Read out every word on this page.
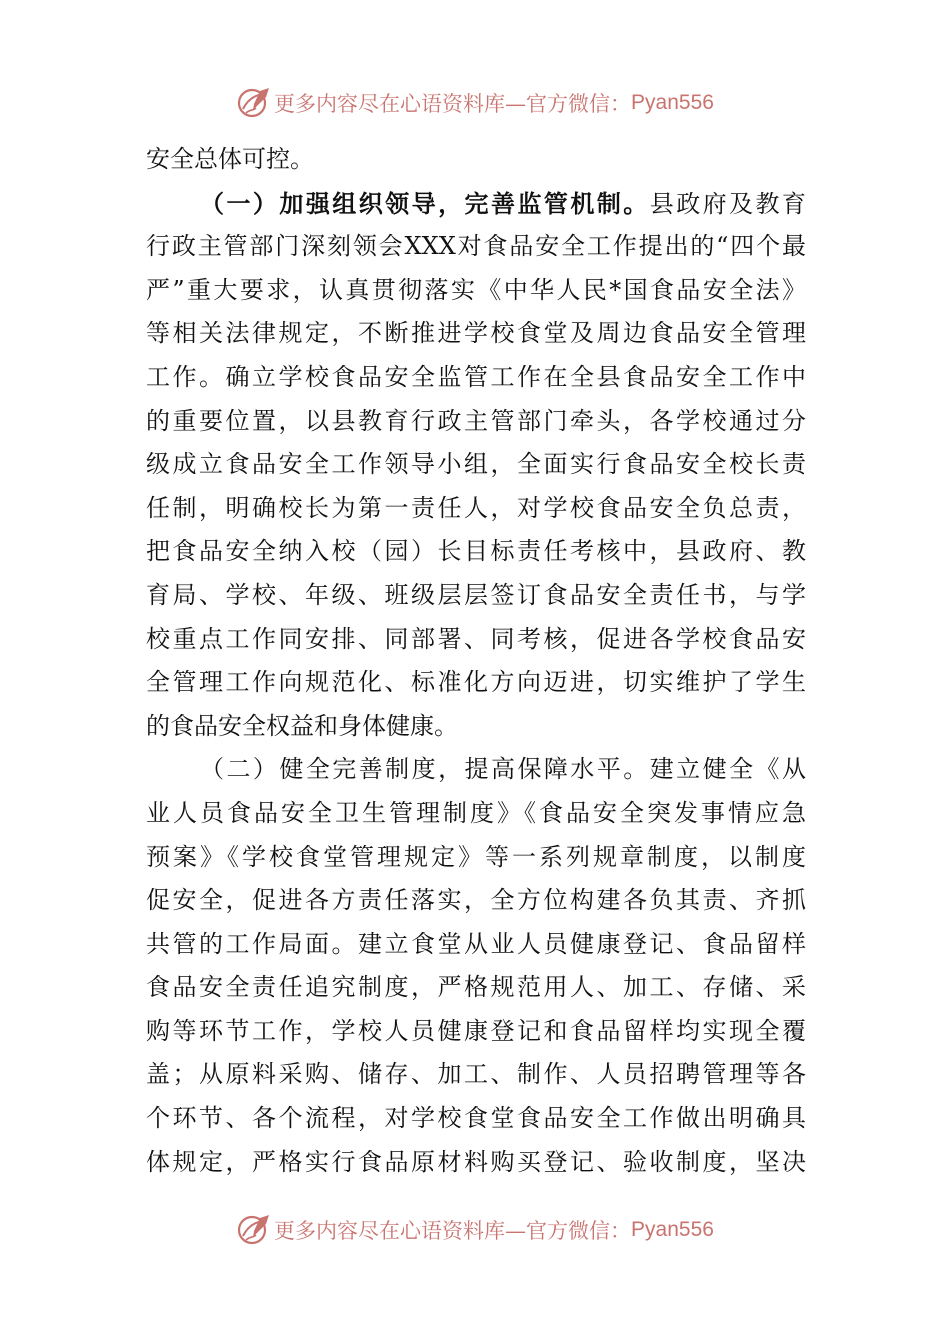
更多内容尽在心语资料库—官方微信： Pyan556
安全总体可控。
（一）加强组织领导，完善监管机制。县政府及教育
行政主管部门深刻领会XXX对食品安全工作提出的“四个最
严”重大要求，认真贯彻落实《中华人民*国食品安全法》
等相关法律规定，不断推进学校食堂及周边食品安全管理
工作。确立学校食品安全监管工作在全县食品安全工作中
的重要位置，以县教育行政主管部门牵头，各学校通过分
级成立食品安全工作领导小组，全面实行食品安全校长责
任制，明确校长为第一责任人，对学校食品安全负总责，
把食品安全纳入校（园）长目标责任考核中，县政府、教
育局、学校、年级、班级层层签订食品安全责任书，与学
校重点工作同安排、同部署、同考核，促进各学校食品安
全管理工作向规范化、标准化方向迈进，切实维护了学生
的食品安全权益和身体健康。
（二）健全完善制度，提高保障水平。建立健全《从
业人员食品安全卫生管理制度》《食品安全突发事情应急
预案》《学校食堂管理规定》等一系列规章制度，以制度
促安全，促进各方责任落实，全方位构建各负其责、齐抓
共管的工作局面。建立食堂从业人员健康登记、食品留样
食品安全责任追究制度，严格规范用人、加工、存储、采
购等环节工作，学校人员健康登记和食品留样均实现全覆
盖；从原料采购、储存、加工、制作、人员招聘管理等各
个环节、各个流程，对学校食堂食品安全工作做出明确具
体规定，严格实行食品原材料购买登记、验收制度，坚决
更多内容尽在心语资料库—官方微信： Pyan556
